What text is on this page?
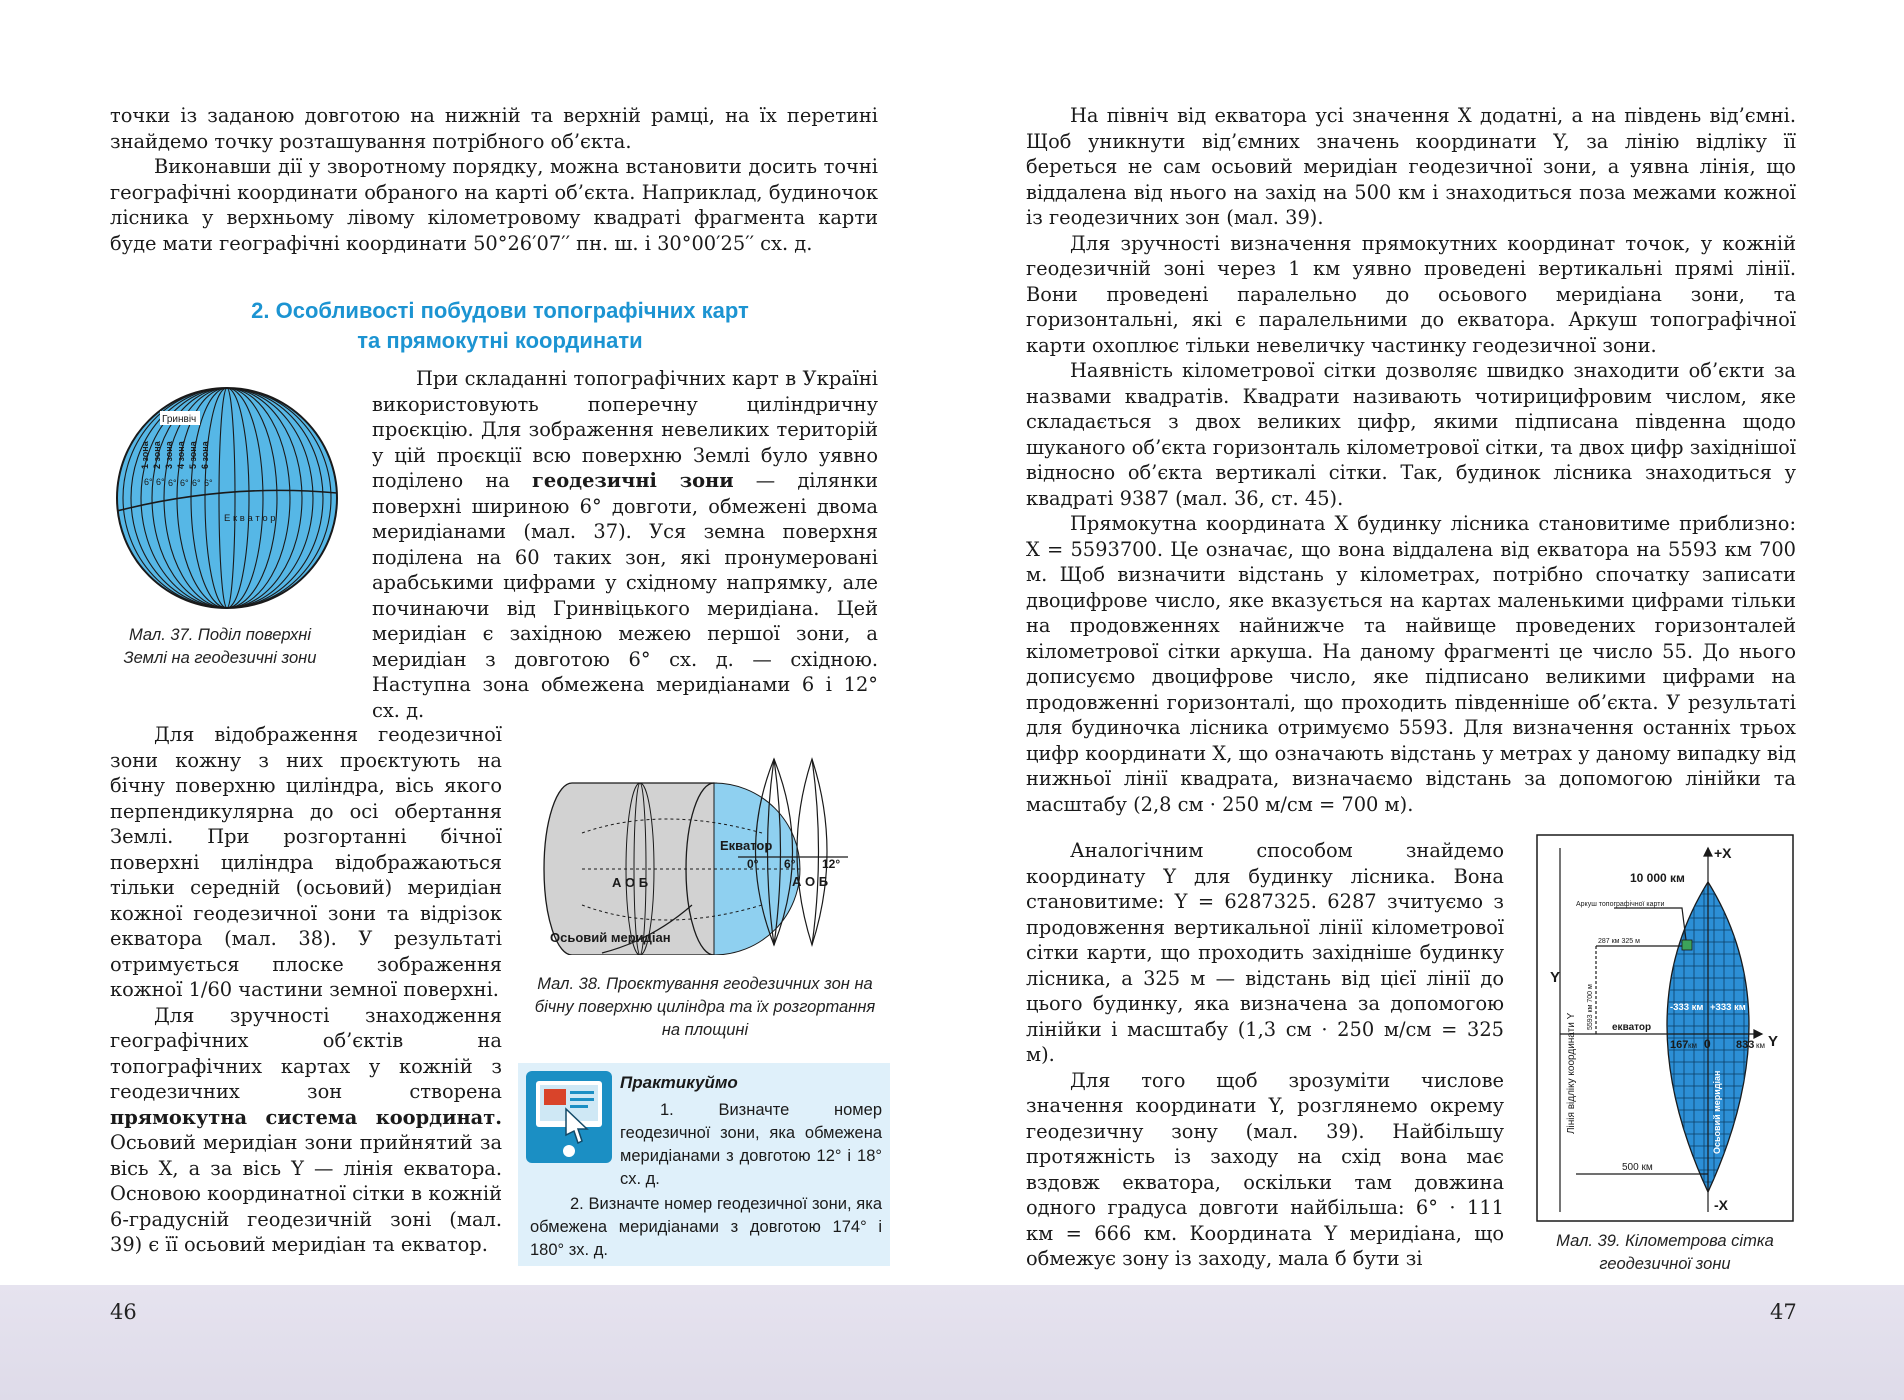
точки із заданою довготою на нижній та верхній рамці, на їх перетині знайдемо точку розташування потрібного об’єкта.

Виконавши дії у зворотному порядку, можна встановити досить точні географічні координати обраного на карті об’єкта. Наприклад, будиночок лісника у верхньому лівому кілометровому квадраті фрагмента карти буде мати географічні координати 50°26′07′′ пн. ш. і 30°00′25′′ сх. д.

2. Особливості побудови топографічних карт
та прямокутні координати
Гринвіч
1 зона 2 зона 3 зона 4 зона 5 зона 6 зона
6° 6° 6° 6° 6° 6°
Е к в а т о р
Мал. 37. Поділ поверхні Землі на геодезичні зони

При складанні топографічних карт в Україні використовують поперечну циліндричну проєкцію. Для зображення невеликих територій у цій проєкції всю поверхню Землі було уявно поділено на геодезичні зони — ділянки поверхні шириною 6° довготи, обмежені двома меридіанами (мал. 37). Уся земна поверхня поділена на 60 таких зон, які пронумеровані арабськими цифрами у східному напрямку, але починаючи від Гринвіцького меридіана. Цей меридіан є західною межею першої зони, а меридіан з довготою 6° сх. д. — східною. Наступна зона обмежена меридіанами 6 і 12° сх. д.

Для відображення геодезичної зони кожну з них проєктують на бічну поверхню циліндра, вісь якого перпендикулярна до осі обертання Землі. При розгортанні бічної поверхні циліндра відображаються тільки середній (осьовий) меридіан кожної геодезичної зони та відрізок екватора (мал. 38). У результаті отримується плоске зображення кожної 1/60 частини земної поверхні.

Для зручності знаходження географічних об’єктів на топографічних картах у кожній з геодезичних зон створена прямокутна система координат. Осьовий меридіан зони прийнятий за вісь X, а за вісь Y — лінія екватора. Основою координатної сітки в кожній 6-градусній геодезичній зоні (мал. 39) є її осьовий меридіан та екватор.

Екватор
А О Б	А О Б
0° 6° 12°
Осьовий меридіан
Мал. 38. Проєктування геодезичних зон на бічну поверхню циліндра та їх розгортання на площині
Практикуймо
1. Визначте номер геодезичної зони, яка обмежена меридіанами з довготою 12° і 18° сх. д.
2. Визначте номер геодезичної зони, яка обмежена меридіанами з довготою 174° і 180° зх. д.
46

На північ від екватора усі значення X додатні, а на південь від’ємні. Щоб уникнути від’ємних значень координати Y, за лінію відліку її береться не сам осьовий меридіан геодезичної зони, а уявна лінія, що віддалена від нього на захід на 500 км і знаходиться поза межами кожної із геодезичних зон (мал. 39).

Для зручності визначення прямокутних координат точок, у кожній геодезичній зоні через 1 км уявно проведені вертикальні прямі лінії. Вони проведені паралельно до осьового меридіана зони, та горизонтальні, які є паралельними до екватора. Аркуш топографічної карти охоплює тільки невеличку частинку геодезичної зони.

Наявність кілометрової сітки дозволяє швидко знаходити об’єкти за назвами квадратів. Квадрати називають чотирицифровим числом, яке складається з двох великих цифр, якими підписана південна щодо шуканого об’єкта горизонталь кілометрової сітки, та двох цифр західнішої відносно об’єкта вертикалі сітки. Так, будинок лісника знаходиться у квадраті 9387 (мал. 36, ст. 45).

Прямокутна координата X будинку лісника становитиме приблизно: X = 5593700. Це означає, що вона віддалена від екватора на 5593 км 700 м. Щоб визначити відстань у кілометрах, потрібно спочатку записати двоцифрове число, яке вказується на картах маленькими цифрами тільки на продовженнях найнижче та найвище проведених горизонталей кілометрової сітки аркуша. На даному фрагменті це число 55. До нього дописуємо двоцифрове число, яке підписано великими цифрами на продовженні горизонталі, що проходить південніше об’єкта. У результаті для будиночка лісника отримуємо 5593. Для визначення останніх трьох цифр координати X, що означають відстань у метрах у даному випадку від нижньої лінії квадрата, визначаємо відстань за допомогою лінійки та масштабу (2,8 см · 250 м/см = 700 м).

Аналогічним способом знайдемо координату Y для будинку лісника. Вона становитиме: Y = 6287325. 6287 зчитуємо з продовження вертикальної лінії кілометрової сітки карти, що проходить західніше будинку лісника, а 325 м — відстань від цієї лінії до цього будинку, яка визначена за допомогою лінійки і масштабу (1,3 см · 250 м/см = 325 м).

Для того щоб зрозуміти числове значення координати Y, розглянемо окрему геодезичну зону (мал. 39). Найбільшу протяжність із заходу на схід вона має вздовж екватора, оскільки там довжина одного градуса довготи найбільша: 6° · 111 км = 666 км. Координата Y меридіана, що обмежує зону із заходу, мала б бути зі

+X
-X
10 000 км
Аркуш топографічної карти
287 км 325 м
5593 км 700 м
Y
Лінія відліку координати Y	екватор
167 км 0 833 км
-333 км +333 км
Y
Осьовий меридіан
500 км
Мал. 39. Кілометрова сітка геодезичної зони
47
